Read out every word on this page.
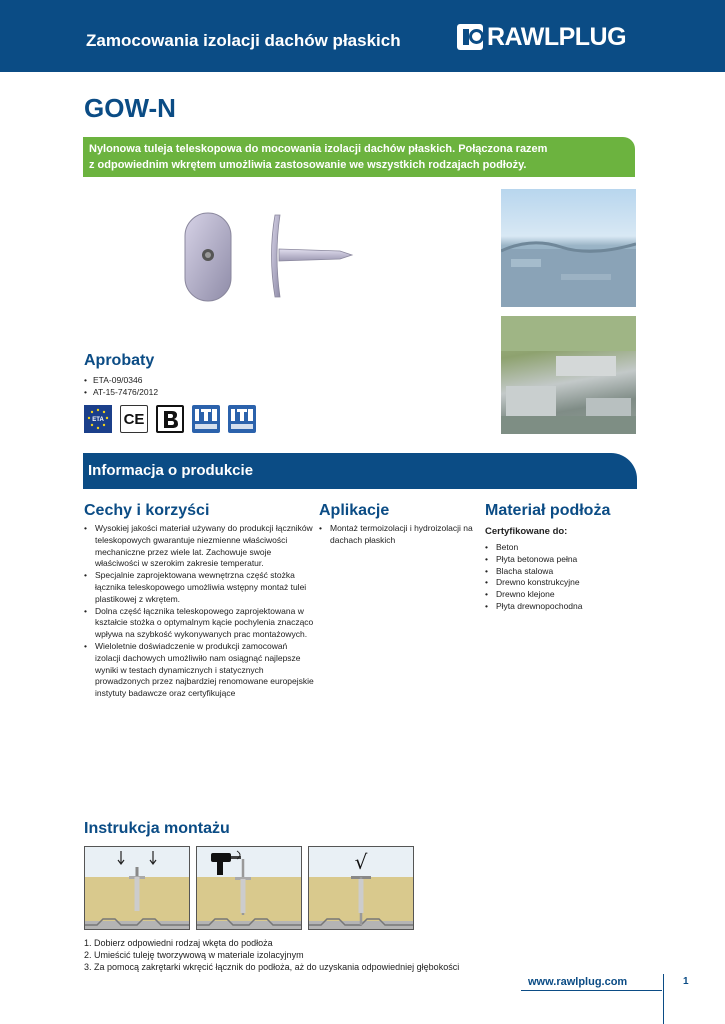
Zamocowania izolacji dachów płaskich	RAWLPLUG
GOW-N
Nylonowa tuleja teleskopowa do mocowania izolacji dachów płaskich. Połączona razem
z odpowiednim wkrętem umożliwia zastosowanie we wszystkich rodzajach podłoży.
Aprobaty
• ETA-09/0346
• AT-15-7476/2012
ETA CE
Informacja o produkcie
Cechy i korzyści
• Wysokiej jakości materiał używany do produkcji łączników teleskopowych gwarantuje niezmienne właściwości mechaniczne przez wiele lat. Zachowuje swoje właściwości w szerokim zakresie temperatur.
• Specjalnie zaprojektowana wewnętrzna część stożka łącznika teleskopowego umożliwia wstępny montaż tulei plastikowej z wkrętem.
• Dolna część łącznika teleskopowego zaprojektowana w kształcie stożka o optymalnym kącie pochylenia znacząco wpływa na szybkość wykonywanych prac montażowych.
• Wieloletnie doświadczenie w produkcji zamocowań izolacji dachowych umożliwiło nam osiągnąć najlepsze wyniki w testach dynamicznych i statycznych prowadzonych przez najbardziej renomowane europejskie instytuty badawcze oraz certyfikujące
Aplikacje
• Montaż termoizolacji i hydroizolacji na dachach płaskich
Materiał podłoża
Certyfikowane do:
• Beton
• Płyta betonowa pełna
• Blacha stalowa
• Drewno konstrukcyjne
• Drewno klejone
• Płyta drewnopochodna
Instrukcja montażu
√
1. Dobierz odpowiedni rodzaj wkęta do podłoża
2. Umieścić tuleję tworzywową w materiale izolacyjnym
3. Za pomocą zakrętarki wkręcić łącznik do podłoża, aż do uzyskania odpowiedniej głębokości
www.rawlplug.com	1
